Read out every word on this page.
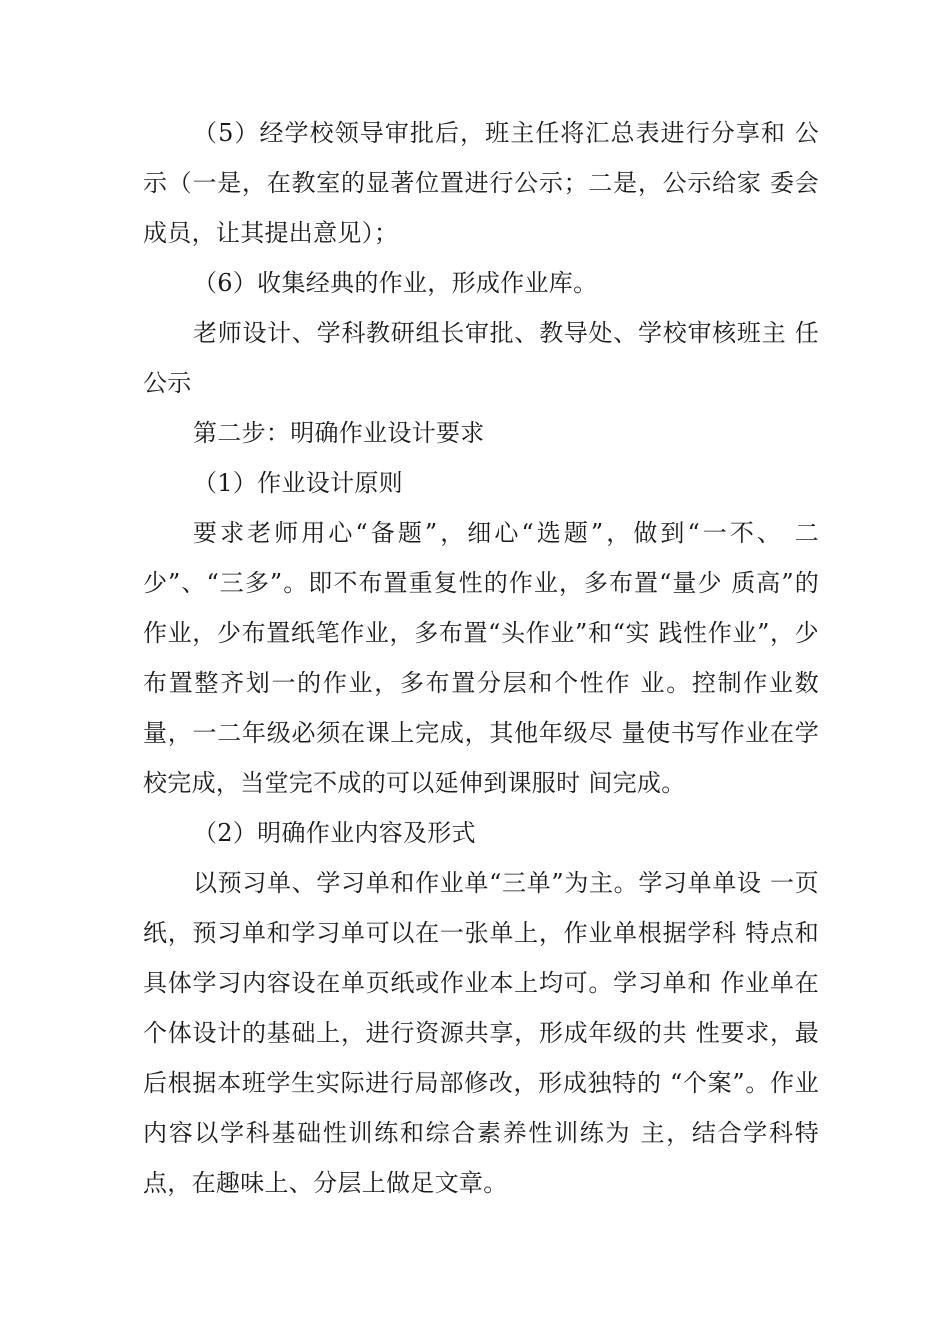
（5）经学校领导审批后，班主任将汇总表进行分享和 公示（一是，在教室的显著位置进行公示；二是，公示给家 委会成员，让其提出意见）；

（6）收集经典的作业，形成作业库。

老师设计、学科教研组长审批、教导处、学校审核班主 任公示

第二步：明确作业设计要求

（1）作业设计原则

要求老师用心“备题”，细心“选题”，做到“一不、 二少”、“三多”。即不布置重复性的作业，多布置“量少 质高”的作业，少布置纸笔作业，多布置“头作业”和“实 践性作业”，少布置整齐划一的作业，多布置分层和个性作 业。控制作业数量，一二年级必须在课上完成，其他年级尽 量使书写作业在学校完成，当堂完不成的可以延伸到课服时 间完成。

（2）明确作业内容及形式

以预习单、学习单和作业单“三单”为主。学习单单设 一页纸，预习单和学习单可以在一张单上，作业单根据学科 特点和具体学习内容设在单页纸或作业本上均可。学习单和 作业单在个体设计的基础上，进行资源共享，形成年级的共 性要求，最后根据本班学生实际进行局部修改，形成独特的 “个案”。作业内容以学科基础性训练和综合素养性训练为 主，结合学科特点，在趣味上、分层上做足文章。
